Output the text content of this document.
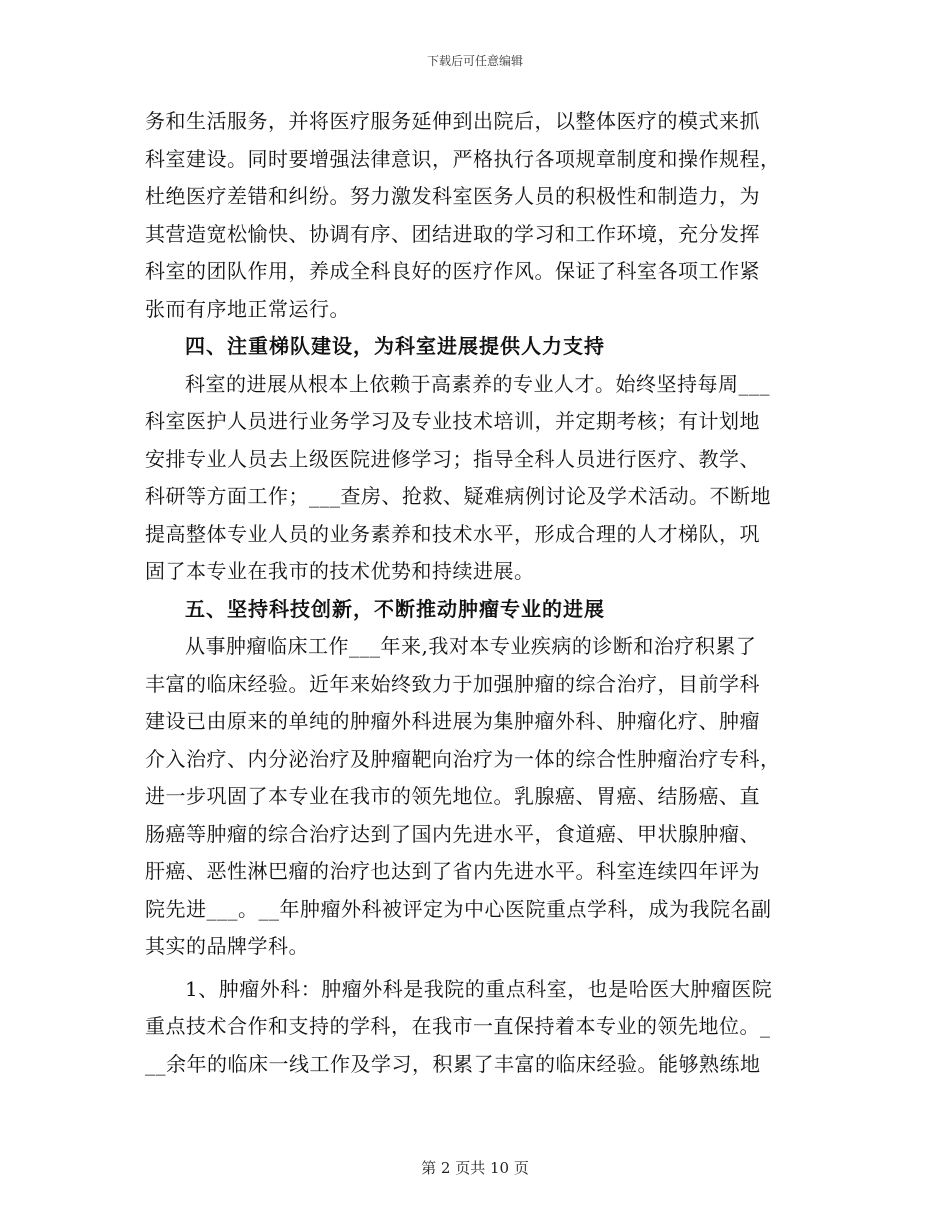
下载后可任意编辑
务和生活服务，并将医疗服务延伸到出院后，以整体医疗的模式来抓
科室建设。同时要增强法律意识，严格执行各项规章制度和操作规程，
杜绝医疗差错和纠纷。努力激发科室医务人员的积极性和制造力，为
其营造宽松愉快、协调有序、团结进取的学习和工作环境，充分发挥
科室的团队作用，养成全科良好的医疗作风。保证了科室各项工作紧
张而有序地正常运行。
四、注重梯队建设，为科室进展提供人力支持
科室的进展从根本上依赖于高素养的专业人才。始终坚持每周___
科室医护人员进行业务学习及专业技术培训，并定期考核；有计划地
安排专业人员去上级医院进修学习；指导全科人员进行医疗、教学、
科研等方面工作；___查房、抢救、疑难病例讨论及学术活动。不断地
提高整体专业人员的业务素养和技术水平，形成合理的人才梯队，巩
固了本专业在我市的技术优势和持续进展。
五、坚持科技创新，不断推动肿瘤专业的进展
从事肿瘤临床工作___年来,我对本专业疾病的诊断和治疗积累了
丰富的临床经验。近年来始终致力于加强肿瘤的综合治疗，目前学科
建设已由原来的单纯的肿瘤外科进展为集肿瘤外科、肿瘤化疗、肿瘤
介入治疗、内分泌治疗及肿瘤靶向治疗为一体的综合性肿瘤治疗专科，
进一步巩固了本专业在我市的领先地位。乳腺癌、胃癌、结肠癌、直
肠癌等肿瘤的综合治疗达到了国内先进水平，食道癌、甲状腺肿瘤、
肝癌、恶性淋巴瘤的治疗也达到了省内先进水平。科室连续四年评为
院先进___。__年肿瘤外科被评定为中心医院重点学科，成为我院名副
其实的品牌学科。
1、肿瘤外科：肿瘤外科是我院的重点科室，也是哈医大肿瘤医院
重点技术合作和支持的学科，在我市一直保持着本专业的领先地位。_
__余年的临床一线工作及学习，积累了丰富的临床经验。能够熟练地
第 2 页共 10 页
